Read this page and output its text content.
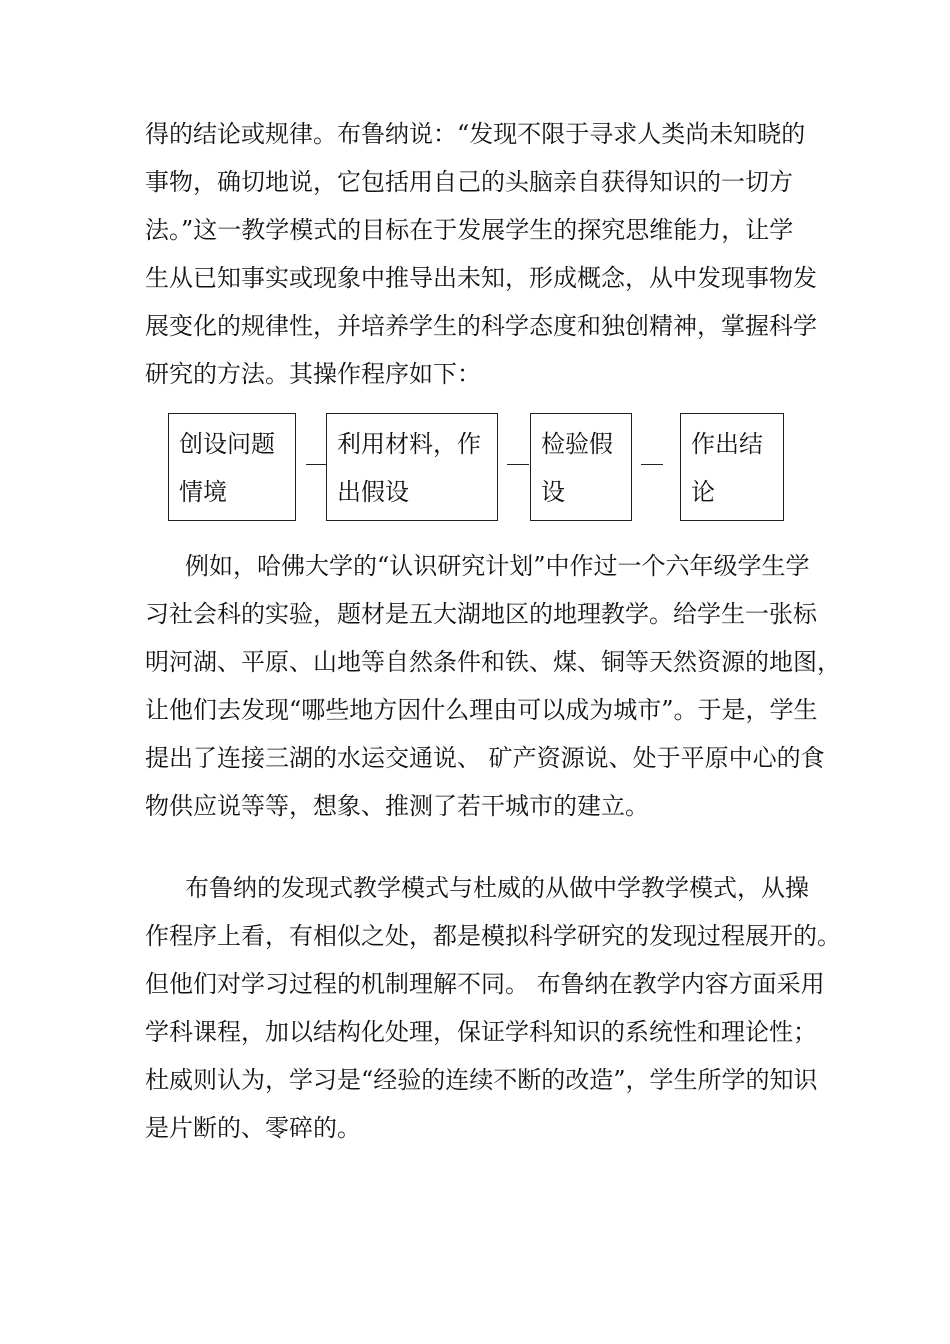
得的结论或规律。布鲁纳说：“发现不限于寻求人类尚未知晓的
事物，确切地说，它包括用自己的头脑亲自获得知识的一切方
法。”这一教学模式的目标在于发展学生的探究思维能力，让学
生从已知事实或现象中推导出未知，形成概念，从中发现事物发
展变化的规律性，并培养学生的科学态度和独创精神，掌握科学
研究的方法。其操作程序如下：
创设问题
情境
利用材料，作
出假设
检验假
设
作出结
论
例如，哈佛大学的“认识研究计划”中作过一个六年级学生学
习社会科的实验，题材是五大湖地区的地理教学。给学生一张标
明河湖、平原、山地等自然条件和铁、煤、铜等天然资源的地图，
让他们去发现“哪些地方因什么理由可以成为城市”。于是，学生
提出了连接三湖的水运交通说、 矿产资源说、处于平原中心的食
物供应说等等，想象、推测了若干城市的建立。
布鲁纳的发现式教学模式与杜威的从做中学教学模式，从操
作程序上看，有相似之处，都是模拟科学研究的发现过程展开的。
但他们对学习过程的机制理解不同。 布鲁纳在教学内容方面采用
学科课程，加以结构化处理，保证学科知识的系统性和理论性；
杜威则认为，学习是“经验的连续不断的改造”，学生所学的知识
是片断的、零碎的。
